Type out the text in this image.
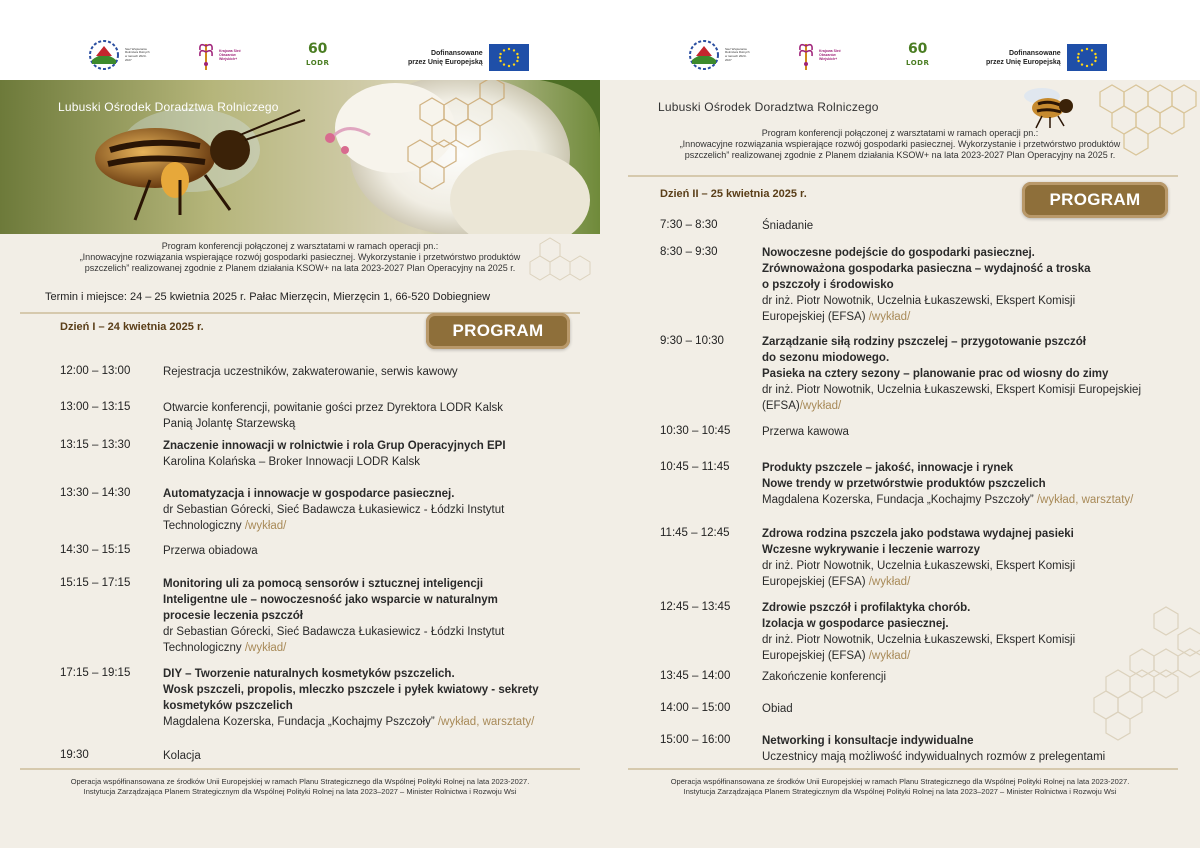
Sieć Wspierania Rolnictwa Rolnych w ramach 2023-2027
Krajowa Sieć Obszarów Wiejskich+
60
LODR
Dofinansowane
przez Unię Europejską
Lubuski Ośrodek Doradztwa Rolniczego
Program konferencji połączonej z warsztatami w ramach operacji pn.:
„Innowacyjne rozwiązania wspierające rozwój gospodarki pasiecznej. Wykorzystanie i przetwórstwo produktów
pszczelich” realizowanej zgodnie z Planem działania KSOW+ na lata 2023-2027 Plan Operacyjny na 2025 r.
Termin i miejsce: 24 – 25 kwietnia 2025 r. Pałac Mierzęcin, Mierzęcin 1, 66-520 Dobiegniew
Dzień I – 24 kwietnia 2025 r.	PROGRAM
12:00 – 13:00	Rejestracja uczestników, zakwaterowanie, serwis kawowy
13:00 – 13:15	Otwarcie konferencji, powitanie gości przez Dyrektora LODR Kalsk
Panią Jolantę Starzewską
13:15 – 13:30	Znaczenie innowacji w rolnictwie i rola Grup Operacyjnych EPI
Karolina Kolańska – Broker Innowacji LODR Kalsk
13:30 – 14:30	Automatyzacja i innowacje w gospodarce pasiecznej.
dr Sebastian Górecki, Sieć Badawcza Łukasiewicz - Łódzki Instytut
Technologiczny /wykład/
14:30 – 15:15	Przerwa obiadowa
15:15 – 17:15	Monitoring uli za pomocą sensorów i sztucznej inteligencji
Inteligentne ule – nowoczesność jako wsparcie w naturalnym
procesie leczenia pszczół
dr Sebastian Górecki, Sieć Badawcza Łukasiewicz - Łódzki Instytut
Technologiczny /wykład/
17:15 – 19:15	DIY – Tworzenie naturalnych kosmetyków pszczelich.
Wosk pszczeli, propolis, mleczko pszczele i pyłek kwiatowy - sekrety
kosmetyków pszczelich
Magdalena Kozerska, Fundacja „Kochajmy Pszczoły” /wykład, warsztaty/
19:30	Kolacja
Operacja współfinansowana ze środków Unii Europejskiej w ramach Planu Strategicznego dla Wspólnej Polityki Rolnej na lata 2023-2027.
Instytucja Zarządzająca Planem Strategicznym dla Wspólnej Polityki Rolnej na lata 2023–2027 – Minister Rolnictwa i Rozwoju Wsi
Sieć Wspierania Rolnictwa Rolnych w ramach 2023-2027
Krajowa Sieć Obszarów Wiejskich+
60
LODR
Dofinansowane
przez Unię Europejską
Lubuski Ośrodek Doradztwa Rolniczego
Program konferencji połączonej z warsztatami w ramach operacji pn.:
„Innowacyjne rozwiązania wspierające rozwój gospodarki pasiecznej. Wykorzystanie i przetwórstwo produktów
pszczelich” realizowanej zgodnie z Planem działania KSOW+ na lata 2023-2027 Plan Operacyjny na 2025 r.
Dzień II – 25 kwietnia 2025 r.	PROGRAM
7:30 – 8:30	Śniadanie
8:30 – 9:30	Nowoczesne podejście do gospodarki pasiecznej.
Zrównoważona gospodarka pasieczna – wydajność a troska
o pszczoły i środowisko
dr inż. Piotr Nowotnik, Uczelnia Łukaszewski, Ekspert Komisji
Europejskiej (EFSA) /wykład/
9:30 – 10:30	Zarządzanie siłą rodziny pszczelej – przygotowanie pszczół
do sezonu miodowego.
Pasieka na cztery sezony – planowanie prac od wiosny do zimy
dr inż. Piotr Nowotnik, Uczelnia Łukaszewski, Ekspert Komisji Europejskiej
(EFSA)/wykład/
10:30 – 10:45	Przerwa kawowa
10:45 – 11:45	Produkty pszczele – jakość, innowacje i rynek
Nowe trendy w przetwórstwie produktów pszczelich
Magdalena Kozerska, Fundacja „Kochajmy Pszczoły” /wykład, warsztaty/
11:45 – 12:45	Zdrowa rodzina pszczela jako podstawa wydajnej pasieki
Wczesne wykrywanie i leczenie warrozy
dr inż. Piotr Nowotnik, Uczelnia Łukaszewski, Ekspert Komisji
Europejskiej (EFSA) /wykład/
12:45 – 13:45	Zdrowie pszczół i profilaktyka chorób.
Izolacja w gospodarce pasiecznej.
dr inż. Piotr Nowotnik, Uczelnia Łukaszewski, Ekspert Komisji
Europejskiej (EFSA) /wykład/
13:45 – 14:00	Zakończenie konferencji
14:00 – 15:00	Obiad
15:00 – 16:00	Networking i konsultacje indywidualne
Uczestnicy mają możliwość indywidualnych rozmów z prelegentami
Operacja współfinansowana ze środków Unii Europejskiej w ramach Planu Strategicznego dla Wspólnej Polityki Rolnej na lata 2023-2027.
Instytucja Zarządzająca Planem Strategicznym dla Wspólnej Polityki Rolnej na lata 2023–2027 – Minister Rolnictwa i Rozwoju Wsi
